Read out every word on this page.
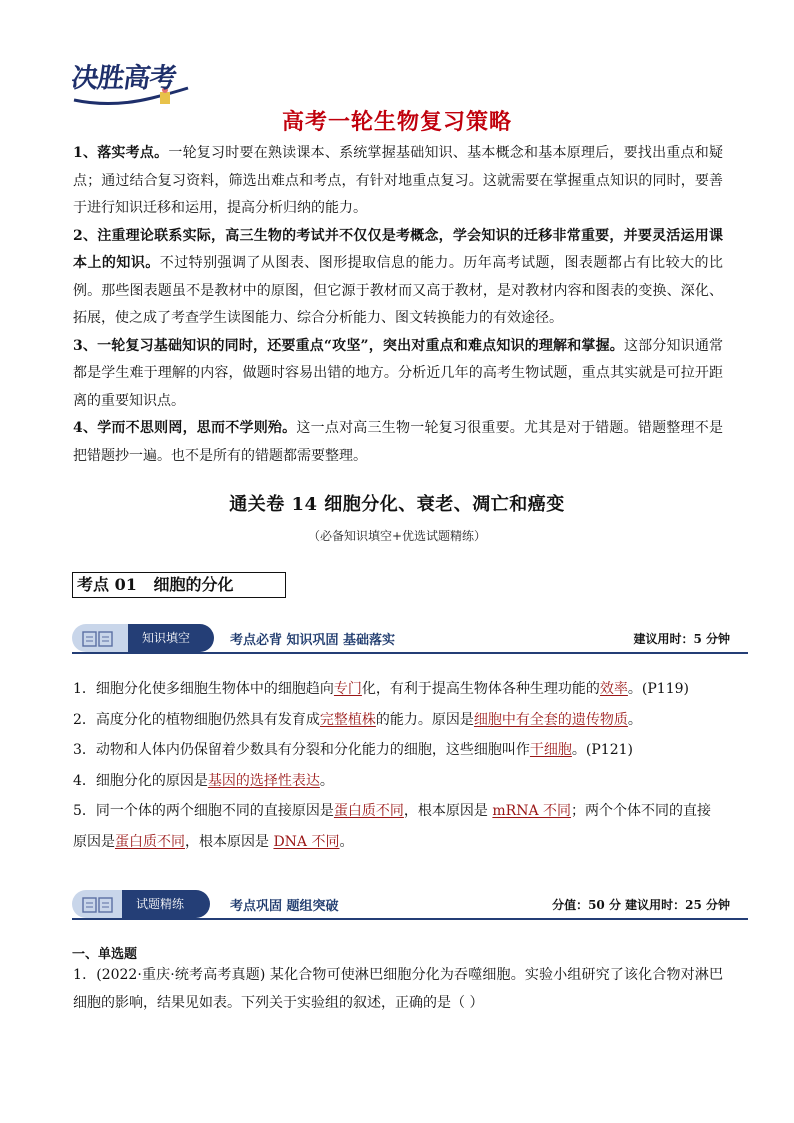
决胜高考
高考一轮生物复习策略

1、落实考点。一轮复习时要在熟读课本、系统掌握基础知识、基本概念和基本原理后，要找出重点和疑点；通过结合复习资料，筛选出难点和考点，有针对地重点复习。这就需要在掌握重点知识的同时，要善于进行知识迁移和运用，提高分析归纳的能力。

2、注重理论联系实际，高三生物的考试并不仅仅是考概念，学会知识的迁移非常重要，并要灵活运用课本上的知识。不过特别强调了从图表、图形提取信息的能力。历年高考试题，图表题都占有比较大的比例。那些图表题虽不是教材中的原图，但它源于教材而又高于教材，是对教材内容和图表的变换、深化、拓展，使之成了考查学生读图能力、综合分析能力、图文转换能力的有效途径。

3、一轮复习基础知识的同时，还要重点“攻坚”，突出对重点和难点知识的理解和掌握。这部分知识通常都是学生难于理解的内容，做题时容易出错的地方。分析近几年的高考生物试题，重点其实就是可拉开距离的重要知识点。

4、学而不思则罔，思而不学则殆。这一点对高三生物一轮复习很重要。尤其是对于错题。错题整理不是把错题抄一遍。也不是所有的错题都需要整理。

通关卷 14 细胞分化、衰老、凋亡和癌变
（必备知识填空+优选试题精练）
考点 01   细胞的分化
知识填空	考点必背 知识巩固 基础落实	建议用时：5 分钟

1．细胞分化使多细胞生物体中的细胞趋向专门化，有利于提高生物体各种生理功能的效率。(P119)

2．高度分化的植物细胞仍然具有发育成完整植株的能力。原因是细胞中有全套的遗传物质。

3．动物和人体内仍保留着少数具有分裂和分化能力的细胞，这些细胞叫作干细胞。(P121)

4．细胞分化的原因是基因的选择性表达。

5．同一个体的两个细胞不同的直接原因是蛋白质不同，根本原因是 mRNA 不同；两个个体不同的直接原因是蛋白质不同，根本原因是 DNA 不同。

试题精练	考点巩固 题组突破	分值：50 分 建议用时：25 分钟
一、单选题

1．(2022·重庆·统考高考真题) 某化合物可使淋巴细胞分化为吞噬细胞。实验小组研究了该化合物对淋巴细胞的影响，结果见如表。下列关于实验组的叙述，正确的是（ ）
